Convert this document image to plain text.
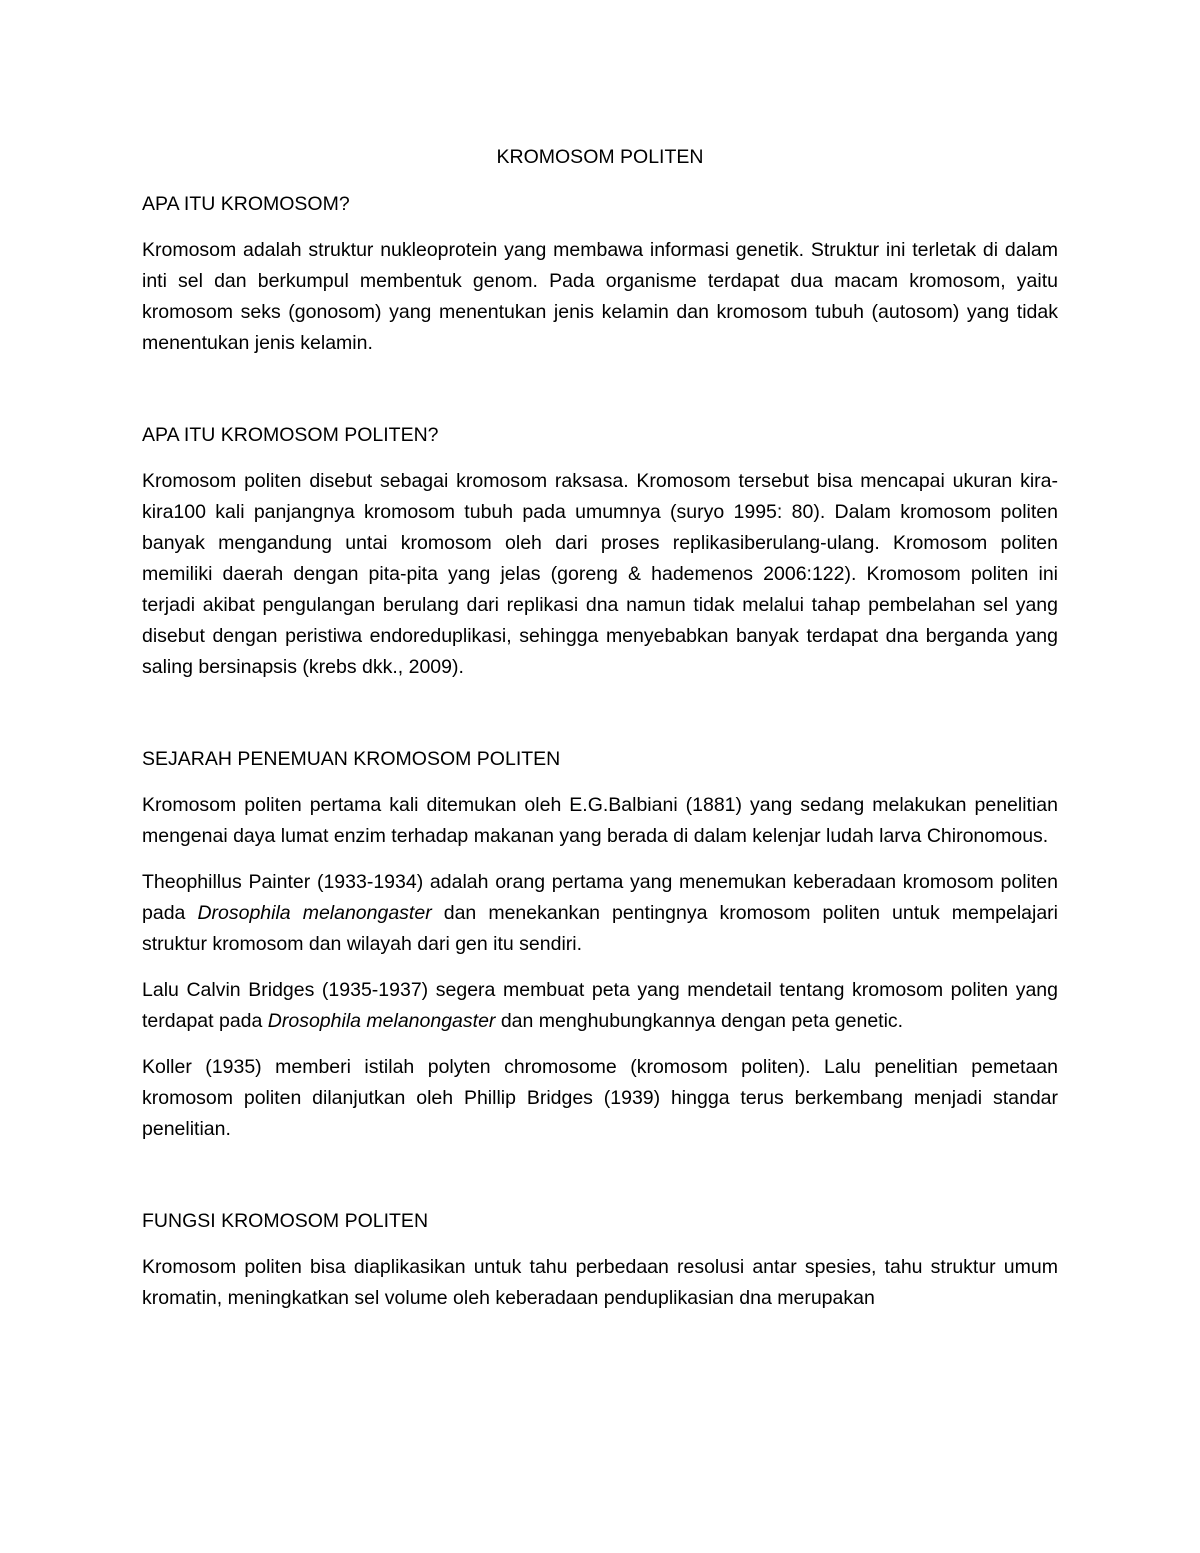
KROMOSOM POLITEN
APA ITU KROMOSOM?

Kromosom adalah struktur nukleoprotein yang membawa informasi genetik. Struktur ini terletak di dalam inti sel dan berkumpul membentuk genom. Pada organisme terdapat dua macam kromosom, yaitu kromosom seks (gonosom) yang menentukan jenis kelamin dan kromosom tubuh (autosom) yang tidak menentukan jenis kelamin.

APA ITU KROMOSOM POLITEN?

Kromosom politen disebut sebagai kromosom raksasa. Kromosom tersebut bisa mencapai ukuran kira-kira100 kali panjangnya kromosom tubuh pada umumnya (suryo 1995: 80). Dalam kromosom politen banyak mengandung untai kromosom oleh dari proses replikasiberulang-ulang. Kromosom politen memiliki daerah dengan pita-pita yang jelas (goreng & hademenos 2006:122). Kromosom politen ini terjadi akibat pengulangan berulang dari replikasi dna namun tidak melalui tahap pembelahan sel yang disebut dengan peristiwa endoreduplikasi, sehingga menyebabkan banyak terdapat dna berganda yang saling bersinapsis (krebs dkk., 2009).

SEJARAH PENEMUAN KROMOSOM POLITEN

Kromosom politen pertama kali ditemukan oleh E.G.Balbiani (1881) yang sedang melakukan penelitian mengenai daya lumat enzim terhadap makanan yang berada di dalam kelenjar ludah larva Chironomous.

Theophillus Painter (1933-1934) adalah orang pertama yang menemukan keberadaan kromosom politen pada Drosophila melanongaster dan menekankan pentingnya kromosom politen untuk mempelajari struktur kromosom dan wilayah dari gen itu sendiri.

Lalu Calvin Bridges (1935-1937) segera membuat peta yang mendetail tentang kromosom politen yang terdapat pada Drosophila melanongaster dan menghubungkannya dengan peta genetic.

Koller (1935) memberi istilah polyten chromosome (kromosom politen). Lalu penelitian pemetaan kromosom politen dilanjutkan oleh Phillip Bridges (1939) hingga terus berkembang menjadi standar penelitian.

FUNGSI KROMOSOM POLITEN

Kromosom politen bisa diaplikasikan untuk tahu perbedaan resolusi antar spesies, tahu struktur umum kromatin, meningkatkan sel volume oleh keberadaan penduplikasian dna merupakan
